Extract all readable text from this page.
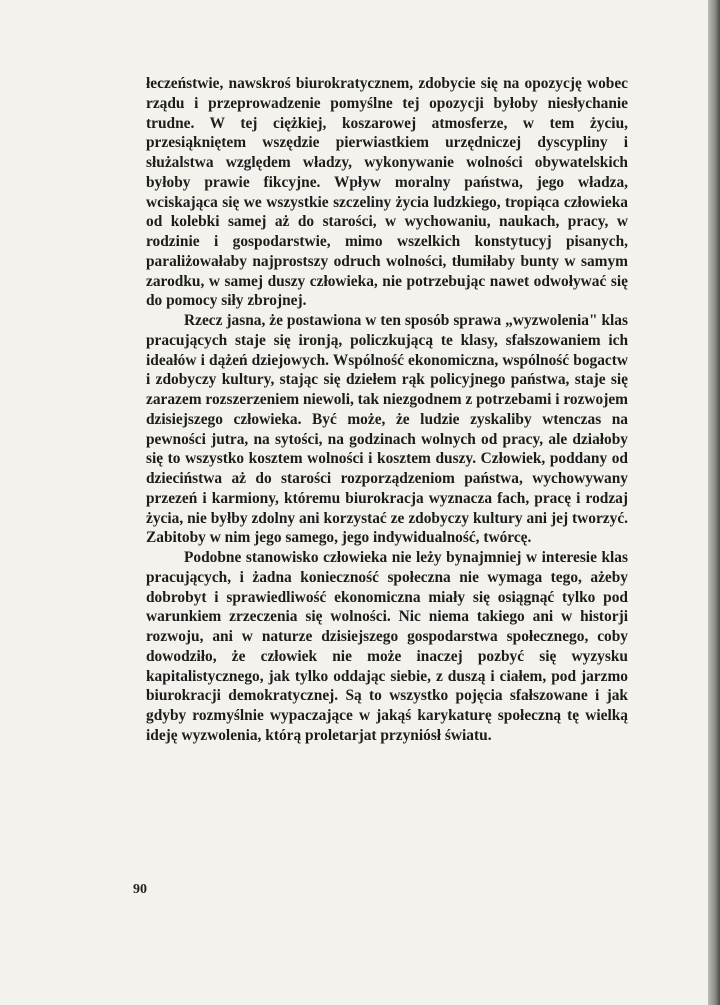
łeczeństwie, nawskroś biurokratycznem, zdobycie się na opozycję wobec rządu i przeprowadzenie pomyślne tej opozycji byłoby niesłychanie trudne. W tej ciężkiej, koszarowej atmosferze, w tem życiu, przesiąkniętem wszędzie pierwiastkiem urzędniczej dyscypliny i służalstwa względem władzy, wykonywanie wolności obywatelskich byłoby prawie fikcyjne. Wpływ moralny państwa, jego władza, wciskająca się we wszystkie szczeliny życia ludzkiego, tropiąca człowieka od kolebki samej aż do starości, w wychowaniu, naukach, pracy, w rodzinie i gospodarstwie, mimo wszelkich konstytucyj pisanych, paraliżowałaby najprostszy odruch wolności, tłumiłaby bunty w samym zarodku, w samej duszy człowieka, nie potrzebując nawet odwoływać się do pomocy siły zbrojnej.

Rzecz jasna, że postawiona w ten sposób sprawa „wyzwolenia" klas pracujących staje się ironją, policzkującą te klasy, sfałszowaniem ich ideałów i dążeń dziejowych. Wspólność ekonomiczna, wspólność bogactw i zdobyczy kultury, stając się dziełem rąk policyjnego państwa, staje się zarazem rozszerzeniem niewoli, tak niezgodnem z potrzebami i rozwojem dzisiejszego człowieka. Być może, że ludzie zyskaliby wtenczas na pewności jutra, na sytości, na godzinach wolnych od pracy, ale działoby się to wszystko kosztem wolności i kosztem duszy. Człowiek, poddany od dzieciństwa aż do starości rozporządzeniom państwa, wychowywany przezeń i karmiony, któremu biurokracja wyznacza fach, pracę i rodzaj życia, nie byłby zdolny ani korzystać ze zdobyczy kultury ani jej tworzyć. Zabitoby w nim jego samego, jego indywidualność, twórcę.

Podobne stanowisko człowieka nie leży bynajmniej w interesie klas pracujących, i żadna konieczność społeczna nie wymaga tego, ażeby dobrobyt i sprawiedliwość ekonomiczna miały się osiągnąć tylko pod warunkiem zrzeczenia się wolności. Nic niema takiego ani w historji rozwoju, ani w naturze dzisiejszego gospodarstwa społecznego, coby dowodziło, że człowiek nie może inaczej pozbyć się wyzysku kapitalistycznego, jak tylko oddając siebie, z duszą i ciałem, pod jarzmo biurokracji demokratycznej. Są to wszystko pojęcia sfałszowane i jak gdyby rozmyślnie wypaczające w jakąś karykaturę społeczną tę wielką ideję wyzwolenia, którą proletarjat przyniósł światu.

90
